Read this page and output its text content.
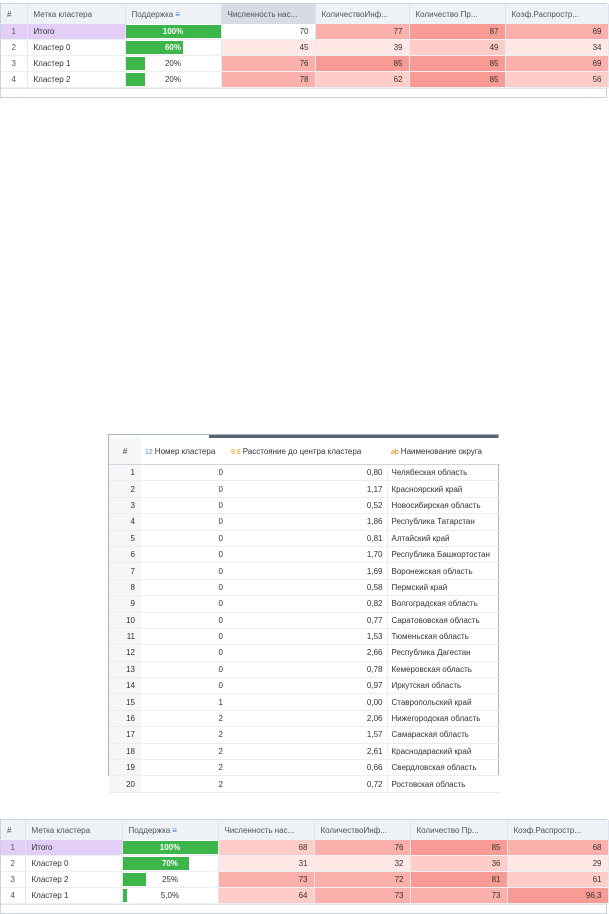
#	Метка кластера	Поддержка ≡	Численность нас...	КоличествоИнф...	Количество Пр...	Коэф.Распростр...
1	Итого	100%	70	77	87	69
2	Кластер 0	60%	45	39	49	34
3	Кластер 1	20%	76	85	85	69
4	Кластер 2	20%	78	62	85	56
#	12 Номер кластера	9.8 Расстояние до центра кластера	ab Наименование округа
1	0	0,80	Челябеская область
2	0	1,17	Красноярский край
3	0	0,52	Новосибирская область
4	0	1,86	Республика Татарстан
5	0	0,81	Алтайский край
6	0	1,70	Республика Башкортостан
7	0	1,69	Воронежская область
8	0	0,58	Пермский край
9	0	0,82	Волгоградская область
10	0	0,77	Саратововская область
11	0	1,53	Тюменьская область
12	0	2,66	Республика Дагестан
13	0	0,78	Кемеровская область
14	0	0,97	Иркутская область
15	1	0,00	Ставропольский край
16	2	2,06	Нижегородская область
17	2	1,57	Самараская область
18	2	2,61	Краснодараский край
19	2	0,66	Свердловская область
20	2	0,72	Ростовская область
#	Метка кластера	Поддержка ≡	Численность нас...	КоличествоИнф...	Количество Пр...	Коэф.Распростр...
1	Итого	100%	68	76	85	68
2	Кластер 0	70%	31	32	36	29
3	Кластер 2	25%	73	72	81	61
4	Кластер 1	5,0%	64	73	73	96,3
